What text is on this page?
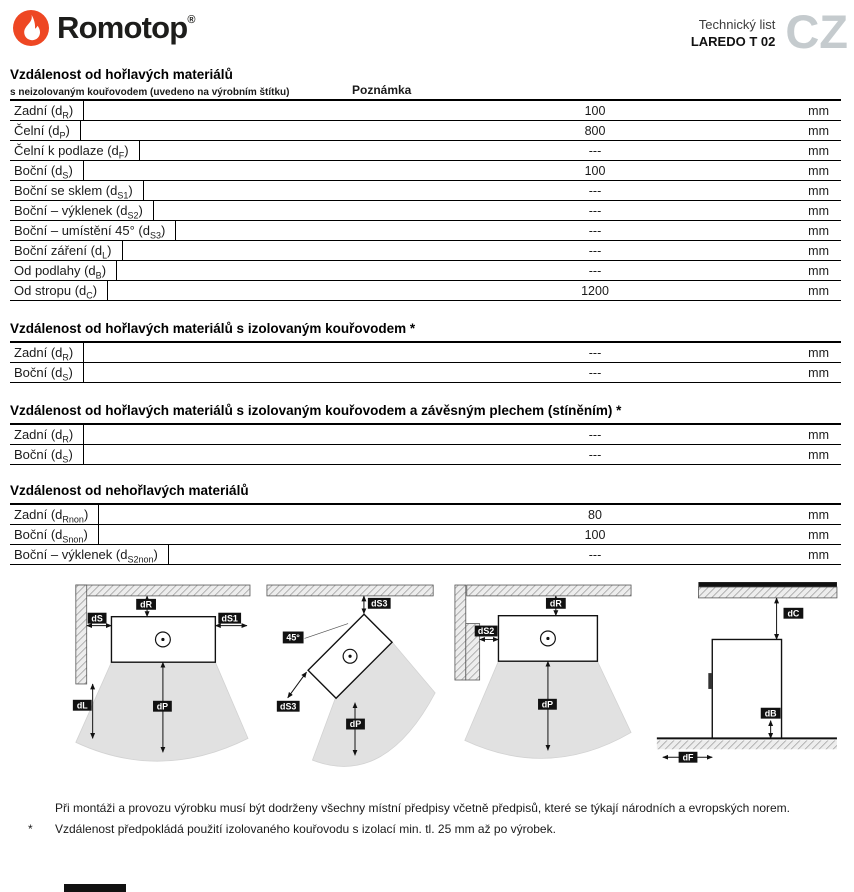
Romotop®	Technický list
LAREDO T 02 CZ
Vzdálenost od hořlavých materiálů
s neizolovaným kouřovodem (uvedeno na výrobním štítku)	Poznámka
Zadní $(d_R)$	100	mm
Čelní $(d_P)$	800	mm
Čelní k podlaze $(d_F)$	---	mm
Boční $(d_S)$	100	mm
Boční se sklem $(d_{S1})$	---	mm
Boční – výklenek $(d_{S2})$	---	mm
Boční – umístění 45° $(d_{S3})$	---	mm
Boční záření $(d_L)$	---	mm
Od podlahy $(d_B)$	---	mm
Od stropu $(d_C)$	1200	mm
Vzdálenost od hořlavých materiálů s izolovaným kouřovodem *
Zadní $(d_R)$	---	mm
Boční $(d_S)$	---	mm
Vzdálenost od hořlavých materiálů s izolovaným kouřovodem a závěsným plechem (stíněním) *
Zadní $(d_R)$	---	mm
Boční $(d_S)$	---	mm
Vzdálenost od nehořlavých materiálů
Zadní $(d_{Rnon})$	80	mm
Boční $(d_{Snon})$	100	mm
Boční – výklenek $(d_{S2non})$	---	mm
dR
dS	dS1
dL	dP
dS3
45°
dS3
dP
dR
dS2
dP
dC
dB
dF
Při montáži a provozu výrobku musí být dodrženy všechny místní předpisy včetně předpisů, které se týkají národních a evropských norem.
*	Vzdálenost předpokládá použití izolovaného kouřovodu s izolací min. tl. 25 mm až po výrobek.
